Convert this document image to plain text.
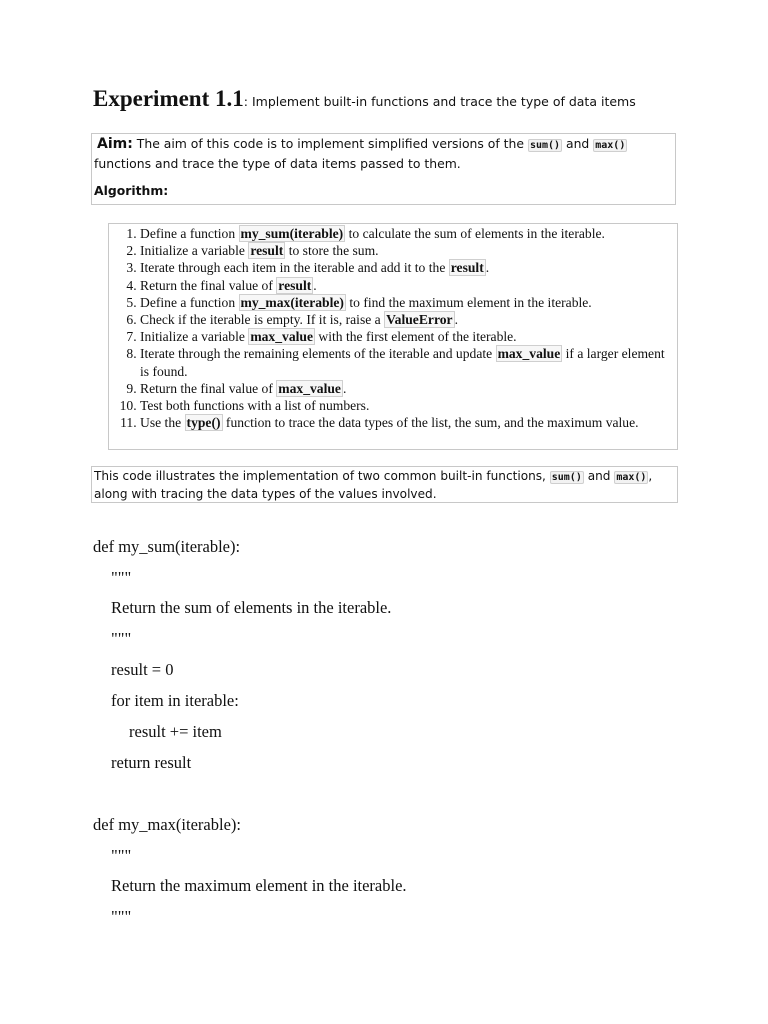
Experiment 1.1: Implement built-in functions and trace the type of data items
Aim: The aim of this code is to implement simplified versions of the sum() and max() functions and trace the type of data items passed to them.
Algorithm:
1. Define a function my_sum(iterable) to calculate the sum of elements in the iterable.
2. Initialize a variable result to store the sum.
3. Iterate through each item in the iterable and add it to the result .
4. Return the final value of result .
5. Define a function my_max(iterable) to find the maximum element in the iterable.
6. Check if the iterable is empty. If it is, raise a ValueError .
7. Initialize a variable max_value with the first element of the iterable.
8. Iterate through the remaining elements of the iterable and update max_value if a larger element is found.
9. Return the final value of max_value .
10. Test both functions with a list of numbers.
11. Use the type() function to trace the data types of the list, the sum, and the maximum value.
This code illustrates the implementation of two common built-in functions, sum() and max() , along with tracing the data types of the values involved.
def my_sum(iterable):
"""
Return the sum of elements in the iterable.
"""
result = 0
for item in iterable:
result += item
return result
def my_max(iterable):
"""
Return the maximum element in the iterable.
"""
